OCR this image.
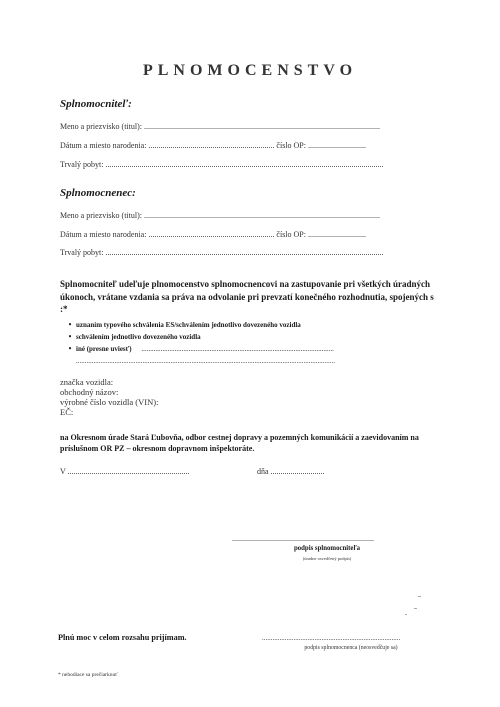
PLNOMOCENSTVO
Splnomocniteľ:
Meno a priezvisko (titul): ......................................................................................................................
Dátum a miesto narodenia: ............................................................... číslo OP: .............................
Trvalý pobyt: ...........................................................................................................................................
Splnomocnenec:
Meno a priezvisko (titul): ......................................................................................................................
Dátum a miesto narodenia: ............................................................... číslo OP: .............................
Trvalý pobyt: ...........................................................................................................................................
Splnomocniteľ udeľuje plnomocenstvo splnomocnencovi na zastupovanie pri všetkých úradných úkonoch, vrátane vzdania sa práva na odvolanie pri prevzatí konečného rozhodnutia, spojených s :*
• uznaním typového schválenia ES/schválením jednotlivo dovezeného vozidla
• schválením jednotlivo dovezeného vozidla
• iné (presne uviesť) ..............................................................................................................
....................................................................................................................................................
značka vozidla:
obchodný názov:
výrobné číslo vozidla (VIN):
EČ:
na Okresnom úrade Stará Ľubovňa, odbor cestnej dopravy a pozemných komunikácií a zaevidovaním na príslušnom OR PZ – okresnom dopravnom inšpektoráte.
V .............................................................	dňa ...........................
.......................................................................
podpis splnomocniteľa
(úradne osvedčený podpis)
Plnú moc v celom rozsahu prijímam.	...............................................................................
podpis splnomocnenca (neosvedčuje sa)
* nehodiace sa prečiarknuť
